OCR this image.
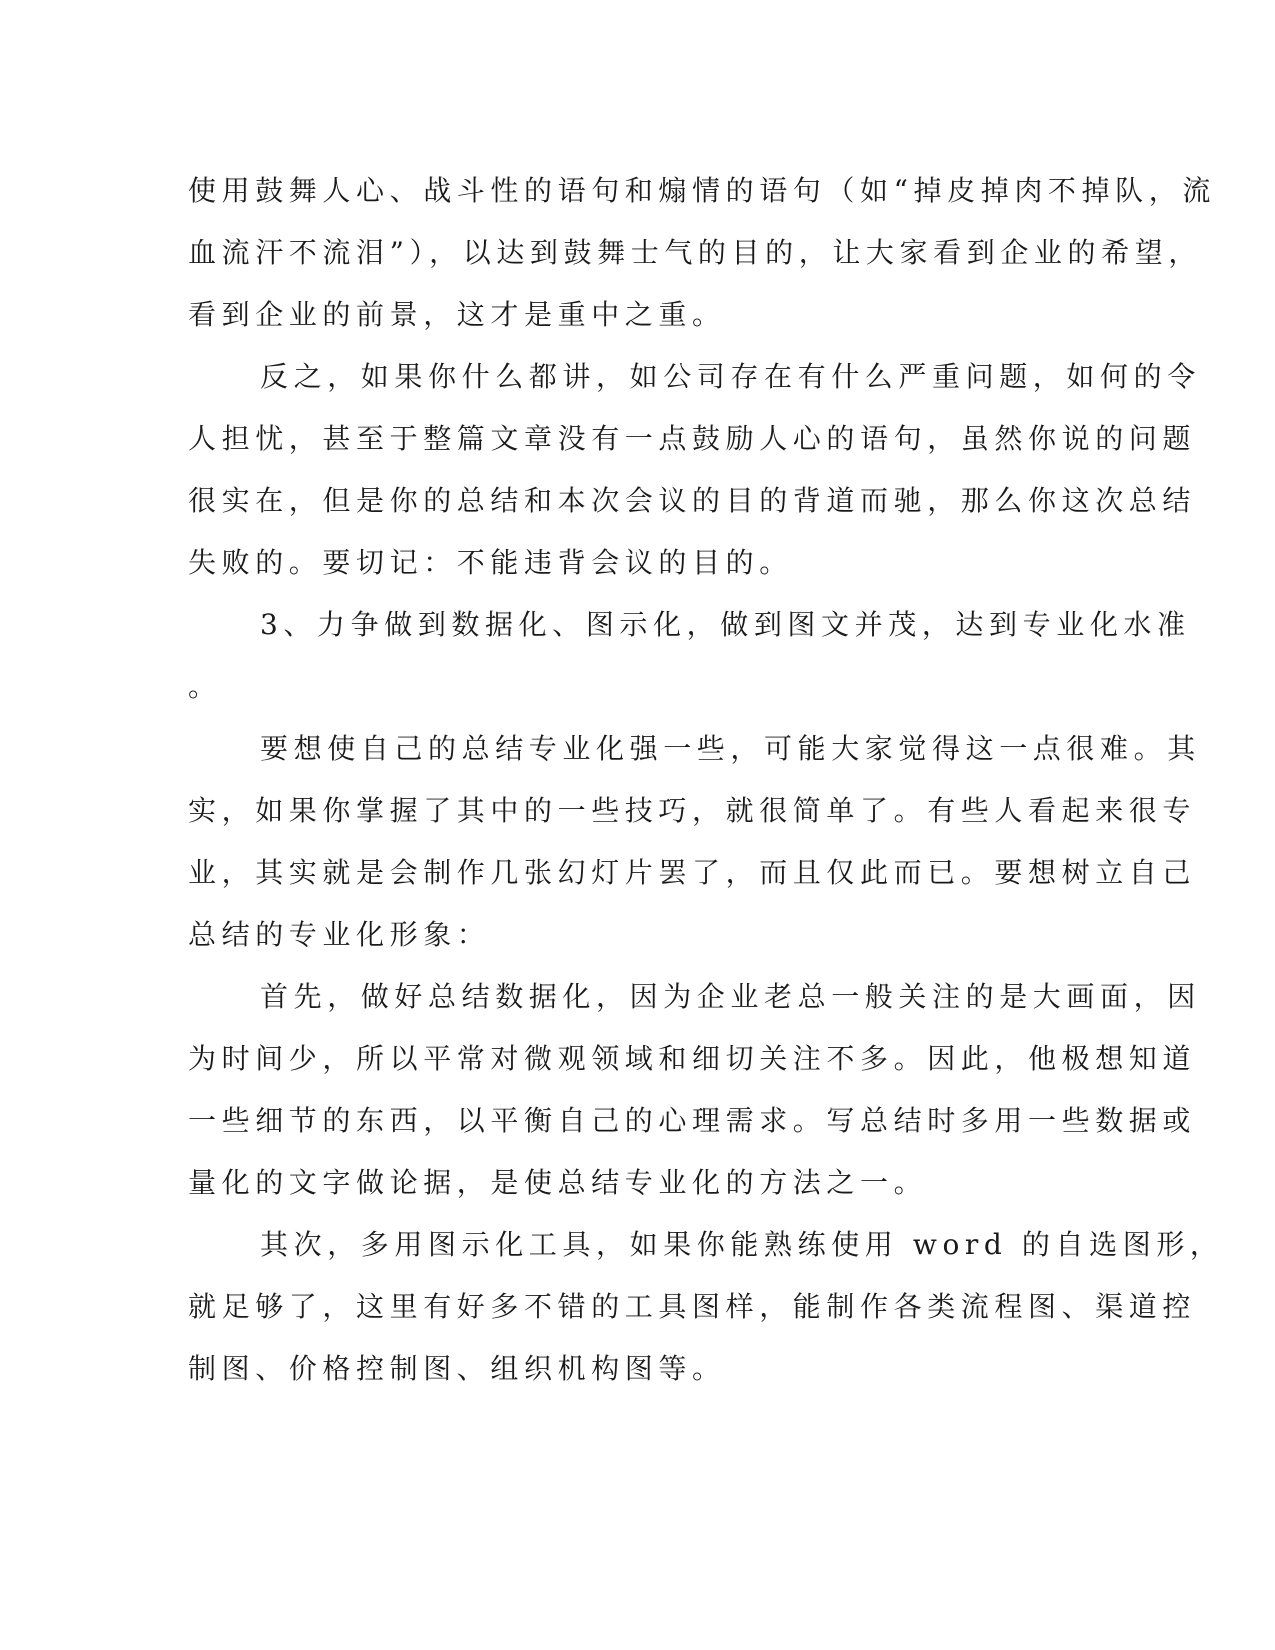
使用鼓舞人心、战斗性的语句和煽情的语句（如“掉皮掉肉不掉队，流
血流汗不流泪”），以达到鼓舞士气的目的，让大家看到企业的希望，
看到企业的前景，这才是重中之重。
反之，如果你什么都讲，如公司存在有什么严重问题，如何的令
人担忧，甚至于整篇文章没有一点鼓励人心的语句，虽然你说的问题
很实在，但是你的总结和本次会议的目的背道而驰，那么你这次总结
失败的。要切记：不能违背会议的目的。
3、力争做到数据化、图示化，做到图文并茂，达到专业化水准
。
要想使自己的总结专业化强一些，可能大家觉得这一点很难。其
实，如果你掌握了其中的一些技巧，就很简单了。有些人看起来很专
业，其实就是会制作几张幻灯片罢了，而且仅此而已。要想树立自己
总结的专业化形象：
首先，做好总结数据化，因为企业老总一般关注的是大画面，因
为时间少，所以平常对微观领域和细切关注不多。因此，他极想知道
一些细节的东西，以平衡自己的心理需求。写总结时多用一些数据或
量化的文字做论据，是使总结专业化的方法之一。
其次，多用图示化工具，如果你能熟练使用 word 的自选图形，
就足够了，这里有好多不错的工具图样，能制作各类流程图、渠道控
制图、价格控制图、组织机构图等。
